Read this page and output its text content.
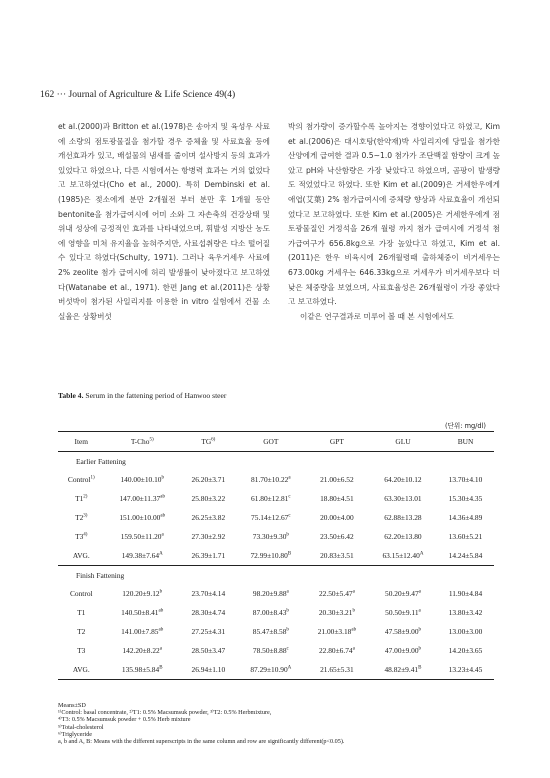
162 ··· Journal of Agriculture & Life Science 49(4)

et al.(2000)과 Britton et al.(1978)은 송아지 및 육성우 사료에 소량의 점토광물질을 첨가할 경우 증체율 및 사료효율 등에 개선효과가 있고, 배설물의 냄새를 줄이며 설사방지 등의 효과가 있었다고 하였으나, 다른 시험에서는 항병력 효과는 거의 없었다고 보고하였다(Cho et al., 2000). 특히 Dembinski et al.(1985)은 젖소에게 분만 2개월전 부터 분만 후 1개월 동안 bentonite을 첨가급여시에 어미 소와 그 자손축의 건강상태 및 위내 성상에 긍정적인 효과를 나타내었으며, 휘발성 지방산 농도에 영향을 미쳐 유지율을 높혀주지만, 사료섭취량은 다소 떨어질 수 있다고 하였다(Schulty, 1971). 그러나 육우거세우 사료에 2% zeolite 첨가 급여시에 허리 발생률이 낮아졌다고 보고하였다(Watanabe et al., 1971). 한편 Jang et al.(2011)은 상황버섯박이 첨가된 사일리지를 이용한 in vitro 실험에서 건물 소실율은 상황버섯

박의 첨가량이 증가할수록 높아지는 경향이었다고 하였고, Kim et al.(2006)은 대시호탕(한약재)박 사일리지에 당밀을 첨가한 산양에게 급여한 결과 0.5~1.0 첨가가 조단백질 함량이 크게 높았고 pH와 낙산함량은 가장 낮았다고 하였으며, 곰팡이 발생량도 적었었다고 하였다. 또한 Kim et al.(2009)은 거세한우에게 애엽(艾葉) 2% 첨가급여시에 증체량 향상과 사료효율이 개선되었다고 보고하였다. 또한 Kim et al.(2005)은 거세한우에게 점토광물질인 거정석을 26개 월령 까지 첨가 급여시에 거정석 첨가급여구가 656.8kg으로 가장 높았다고 하였고, Kim et al.(2011)은 한우 비육시에 26개월령때 출하체중이 비거세우는 673.00kg 거세우는 646.33kg으로 거세우가 비거세우보다 더 낮은 체중량을 보였으며, 사료효율성은 26개월령이 가장 좋았다고 보고하였다.

이같은 연구결과로 미루어 볼 때 본 시험에서도

Table 4. Serum in the fattening period of Hanwoo steer
(단위: mg/dl)
Item	T-Cho$^{5)}$	TG$^{6)}$	GOT	GPT	GLU	BUN
Earlier Fattening						
Control$^{1)}$	140.00±10.10$^b$	26.20±3.71	81.70±10.22$^a$	21.00±6.52	64.20±10.12	13.70±4.10
T1$^{2)}$	147.00±11.37$^{ab}$	25.80±3.22	61.80±12.81$^c$	18.80±4.51	63.30±13.01	15.30±4.35
T2$^{3)}$	151.00±10.00$^{ab}$	26.25±3.82	75.14±12.67$^c$	20.00±4.00	62.88±13.28	14.36±4.89
T3$^{4)}$	159.50±11.20$^a$	27.30±2.92	73.30±9.30$^b$	23.50±6.42	62.20±13.80	13.60±5.21
AVG.	$149.38\pm 7.64^A$	26.39±1.71	$72.99\pm 10.80^B$	20.83±3.51	$63.15\pm 12.40^A$	14.24±5.84
Finish Fattening						
Control	120.20±9.12$^b$	23.70±4.14	98.20±9.88$^a$	22.50±5.47$^a$	50.20±9.47$^a$	11.90±4.84
T1	140.50±8.41$^{ab}$	28.30±4.74	87.00±8.43$^b$	20.30±3.21$^b$	50.50±9.11$^a$	13.80±3.42
T2	141.00±7.85$^{ab}$	27.25±4.31	85.47±8.58$^b$	21.00±3.18$^{ab}$	47.58±9.00$^b$	13.00±3.00
T3	142.20±8.22$^a$	28.50±3.47	78.50±8.88$^c$	22.80±6.74$^a$	47.00±9.00$^b$	14.20±3.65
AVG.	$135.98\pm 5.84^B$	26.94±1.10	$87.29\pm 10.90^A$	21.65±5.31	$48.82\pm 9.41^B$	13.23±4.45
Means±SD
¹⁾Control: basal concentrate, ²⁾T1: 0.5% Macsumsuk powder, ³⁾T2: 0.5% Herbmixture,
⁴⁾T3: 0.5% Macsumsuk powder + 0.5% Herb mixture
⁵⁾Total-cholesterol
⁶⁾Triglyceride
a, b and A, B: Means with the different superscripts in the same column and row are significantly different(p<0.05).
